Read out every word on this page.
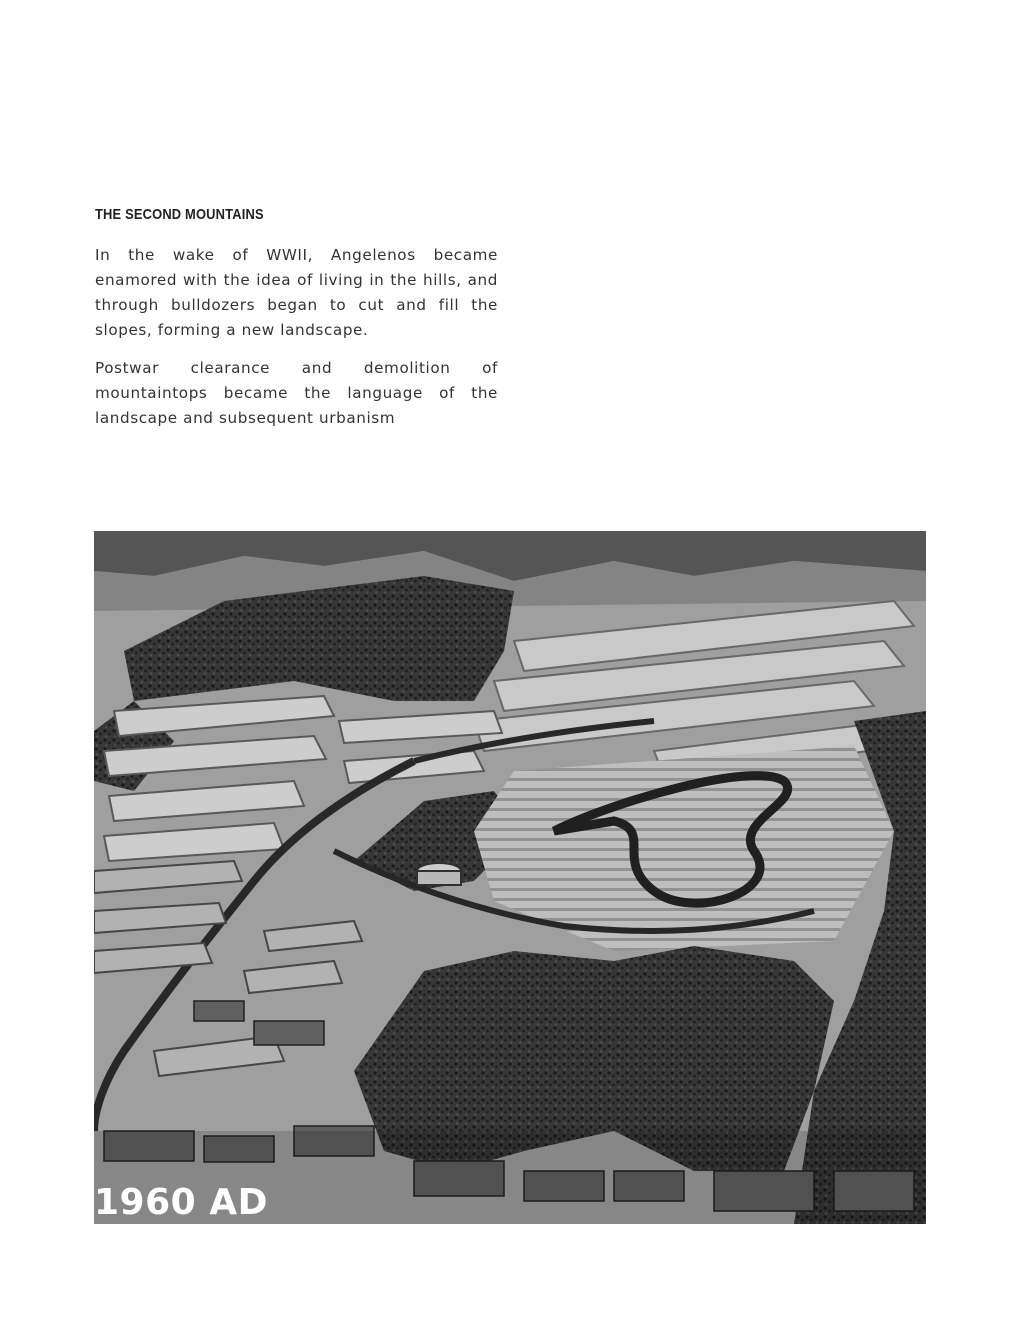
THE SECOND MOUNTAINS

In the wake of WWII, Angelenos became enamored with the idea of living in the hills, and through bulldozers began to cut and fill the slopes, forming a new landscape.

Postwar clearance and demolition of mountaintops became the language of the landscape and subsequent urbanism

1960 AD
